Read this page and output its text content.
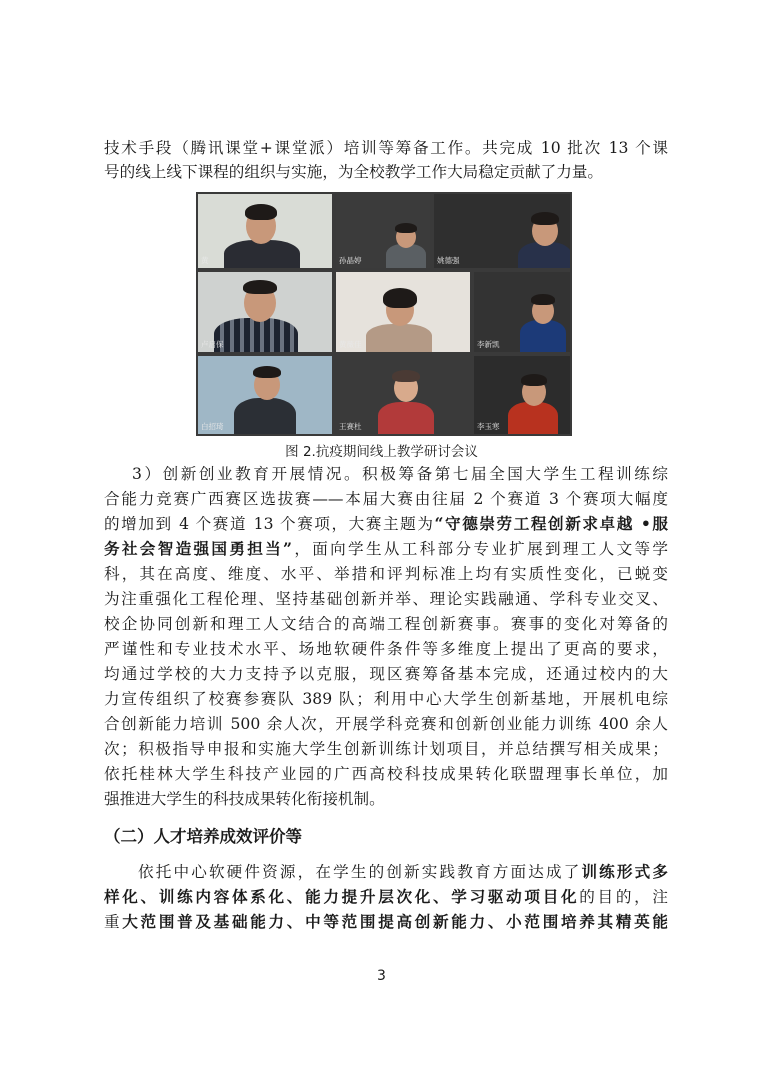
技术手段（腾讯课堂+课堂派）培训等筹备工作。共完成 10 批次 13 个课
号的线上线下课程的组织与实施，为全校教学工作大局稳定贡献了力量。
黄	孙晶婷	姚德强
卢启保	黄薇佳	李新凯
白招琦	王赛杜	李玉寒
图 2.抗疫期间线上教学研讨会议
3）创新创业教育开展情况。积极筹备第七届全国大学生工程训练综
合能力竞赛广西赛区选拔赛——本届大赛由往届 2 个赛道 3 个赛项大幅度
的增加到 4 个赛道 13 个赛项，大赛主题为“守德崇劳工程创新求卓越 •服
务社会智造强国勇担当”，面向学生从工科部分专业扩展到理工人文等学
科，其在高度、维度、水平、举措和评判标准上均有实质性变化，已蜕变
为注重强化工程伦理、坚持基础创新并举、理论实践融通、学科专业交叉、
校企协同创新和理工人文结合的高端工程创新赛事。赛事的变化对筹备的
严谨性和专业技术水平、场地软硬件条件等多维度上提出了更高的要求，
均通过学校的大力支持予以克服，现区赛筹备基本完成，还通过校内的大
力宣传组织了校赛参赛队 389 队；利用中心大学生创新基地，开展机电综
合创新能力培训 500 余人次，开展学科竞赛和创新创业能力训练 400 余人
次；积极指导申报和实施大学生创新训练计划项目，并总结撰写相关成果；
依托桂林大学生科技产业园的广西高校科技成果转化联盟理事长单位，加
强推进大学生的科技成果转化衔接机制。
（二）人才培养成效评价等
依托中心软硬件资源，在学生的创新实践教育方面达成了训练形式多
样化、训练内容体系化、能力提升层次化、学习驱动项目化的目的，注
重大范围普及基础能力、中等范围提高创新能力、小范围培养其精英能
3
